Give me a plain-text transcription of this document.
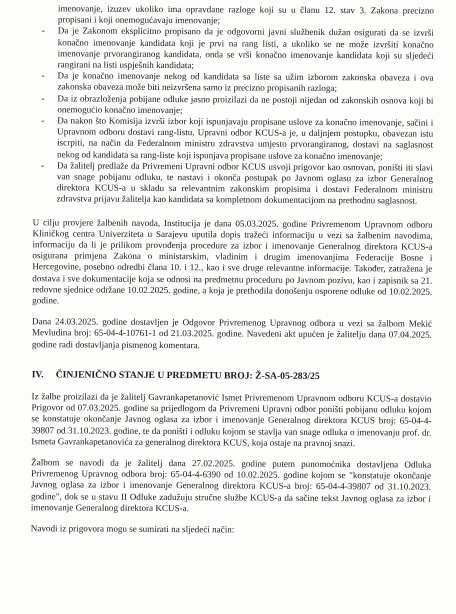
imenovanje, izuzev ukoliko ima opravdane razloge koji su u članu 12. stav 3. Zakona precizno propisani i koji onemogućavaju imenovanje;
- Da je Zakonom eksplicitno propisano da je odgovorni javni službenik dužan osigurati da se izvrši konačno imenovanje kandidata koji je prvi na rang listi, a ukoliko se ne može izvršiti konačno imenovanje prvorangiranog kandidata, onda se vrši konačno imenovanje kandidata koji su sljedeći rangirani na listi uspješnih kandidata;
- Da je konačno imenovanje nekog od kandidata sa liste sa užim izborom zakonska obaveza i ova zakonska obaveza može biti neizvršena samo iz precizno propisanih razloga;
- Da iz obrazloženja pobijane odluke jasno proizilazi da ne postoji nijedan od zakonskih osnova koji bi onemogućio konačno imenovanje;
- Da nakon što Komisija izvrši izbor koji ispunjavaju propisane uslove za konačno imenovanje, sačini i Upravnom odboru dostavi rang-listu, Upravni odbor KCUS-a je, u daljnjem postupku, obavezan istu iscrpiti, na način da Federalnom ministru zdravstva umjesto prvorangiranog, dostavi na saglasnost nekog od kandidata sa rang-liste koji ispunjava propisane uslove za konačno imenovanje;
- Da žalitelj predlaže da Privremeni Upravni odbor KCUS usvoji prigovor kao osnovan, poništi iti slavi van snage pobijanu odluku, te nastavi i okonča postupak po Javnom oglasu za izbor Generalnog direktora KCUS-a u skladu sa relevantnim zakonskim propisima i dostavi Federalnom ministru zdravstva prijavu žalitelja kao kandidata sa kompletnom dokumentacijom na prethodnu saglasnost.

U cilju provjere žalbenih navoda, Institucija je dana 05.03.2025. godine Privremenom Upravnom odboru Kliničkog centra Univerziteta u Sarajevu uputila dopis tražeći informaciju u vezi sa žalbenim navodima, informaciju da li je prilikom provođenja procedure za izbor i imenovanje Generalnog direktora KCUS-a osigurana primjena Zakona o ministarskim, vladinim i drugim imenovanjima Federacije Bosne i Hercegovine, posebno odredbi člana 10. i 12., kao i sve druge relevantne informacije. Također, zatražena je dostava i sve dokumentacije koja se odnosi na predmetnu proceduru po Javnom pozivu, kao i zapisnik sa 21. redovne sjednice održane 10.02.2025. godine, a koja je prethodila donošenju osporene odluke od 10.02.2025. godine.

Dana 24.03.2025. godine dostavljen je Odgovor Privremenog Upravnog odbora u vezi sa žalbom Mekić Mevludina broj: 65-04-4-10761-1 od 21.03.2025. godine. Navedeni akt upućen je žalitelju dana 07.04.2025. godine radi dostavljanja pismenog komentara.

IV.	ČINJENIČNO STANJE U PREDMETU BROJ: Ž-SA-05-283/25

Iz žalbe proizilazi da je žalitelj Gavrankapetanović Ismet Privremenom Upravnom odboru KCUS-a dostavio Prigovor od 07.03.2025. godine sa prijedlogom da Privremeni Upravni odbor poništi pobijanu odluku kojom se konstatuje okončanje Javnog oglasa za izbor i imenovanje Generalnog direktora KCUS broj: 65-04-4-39807 od 31.10.2023. godine, te da poništi i odluku kojom se stavlja van snage odluka o imenovanju prof. dr. Ismeta Gavrankapetanovića za generalnog direktora KCUS, koja ostaje na pravnoj snazi.

Žalbom se navodi da je žalitelj dana 27.02.2025. godine putem punomoćnika dostavljena Odluka Privremenog Upravnog odbora broj: 65-04-4-6390 od 10.02.2025. godine kojom se "konstatuje okončanje Javnog oglasa za izbor i imenovanje Generalnog direktora KCUS-a broj: 65-04-4-39807 od 31.10.2023. godine", dok se u stavu II Odluke zadužuju stručne službe KCUS-a da sačine tekst Javnog oglasa za izbor i imenovanje Generalnog direktora KCUS-a.

Navodi iz prigovora mogu se sumirati na sljedeći način:
